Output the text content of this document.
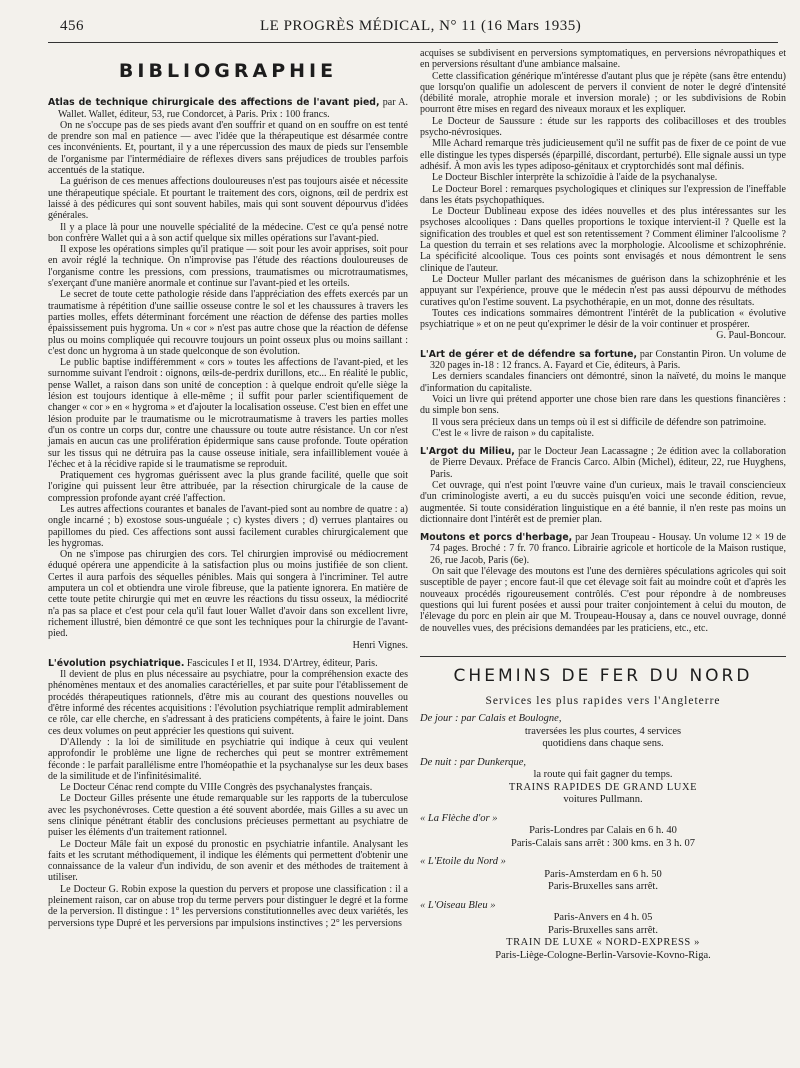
456	LE PROGRÈS MÉDICAL, N° 11 (16 Mars 1935)
BIBLIOGRAPHIE

Atlas de technique chirurgicale des affections de l'avant pied, par A. Wallet. Wallet, éditeur, 53, rue Condorcet, à Paris. Prix : 100 francs.

On ne s'occupe pas de ses pieds avant d'en souffrir et quand on en souffre on est tenté de prendre son mal en patience — avec l'idée que la thérapeutique est désarmée contre ces inconvénients. Et, pourtant, il y a une répercussion des maux de pieds sur l'ensemble de l'organisme par l'intermédiaire de réflexes divers sans préjudices de troubles parfois accentués de la statique.

La guérison de ces menues affections douloureuses n'est pas toujours aisée et nécessite une thérapeutique spéciale. Et pourtant le traitement des cors, oignons, œil de perdrix est laissé à des pédicures qui sont souvent habiles, mais qui sont souvent dépourvus d'idées générales.

Il y a place là pour une nouvelle spécialité de la médecine. C'est ce qu'a pensé notre bon confrère Wallet qui a à son actif quelque six milles opérations sur l'avant-pied.

Il expose les opérations simples qu'il pratique — soit pour les avoir apprises, soit pour en avoir réglé la technique. On n'improvise pas l'étude des réactions douloureuses de l'organisme contre les pressions, com pressions, traumatismes ou microtraumatismes, s'exerçant d'une manière anormale et continue sur l'avant-pied et les orteils.

Le secret de toute cette pathologie réside dans l'appréciation des effets exercés par un traumatisme à répétition d'une saillie osseuse contre le sol et les chaussures à travers les parties molles, effets déterminant forcément une réaction de défense des parties molles épaississement puis hygroma. Un « cor » n'est pas autre chose que la réaction de défense plus ou moins compliquée qui recouvre toujours un point osseux plus ou moins saillant : c'est donc un hygroma à un stade quelconque de son évolution.

Le public baptise indifféremment « cors » toutes les affections de l'avant-pied, et les surnomme suivant l'endroit : oignons, œils-de-perdrix durillons, etc... En réalité le public, pense Wallet, a raison dans son unité de conception : à quelque endroit qu'elle siège la lésion est toujours identique à elle-même ; il suffit pour parler scientifiquement de changer « cor » en « hygroma » et d'ajouter la localisation osseuse. C'est bien en effet une lésion produite par le traumatisme ou le microtraumatisme à travers les parties molles d'un os contre un corps dur, contre une chaussure ou toute autre résistance. Un cor n'est jamais en aucun cas une prolifération épidermique sans cause profonde. Toute opération sur les tissus qui ne détruira pas la cause osseuse initiale, sera infailliblement vouée à l'échec et à la récidive rapide si le traumatisme se reproduit.

Pratiquement ces hygromas guérissent avec la plus grande facilité, quelle que soit l'origine qui puissent leur être attribuée, par la résection chirurgicale de la cause de compression profonde ayant créé l'affection.

Les autres affections courantes et banales de l'avant-pied sont au nombre de quatre : a) ongle incarné ; b) exostose sous-unguéale ; c) kystes divers ; d) verrues plantaires ou papillomes du pied. Ces affections sont aussi facilement curables chirurgicalement que les hygromas.

On ne s'impose pas chirurgien des cors. Tel chirurgien improvisé ou médiocrement éduqué opérera une appendicite à la satisfaction plus ou moins justifiée de son client. Certes il aura parfois des séquelles pénibles. Mais qui songera à l'incriminer. Tel autre amputera un col et obtiendra une virole fibreuse, que la patiente ignorera. En matière de cette toute petite chirurgie qui met en œuvre les réactions du tissu osseux, la médiocrité n'a pas sa place et c'est pour cela qu'il faut louer Wallet d'avoir dans son excellent livre, richement illustré, bien démontré ce que sont les techniques pour la chirurgie de l'avant-pied.

Henri Vignes.

L'évolution psychiatrique. Fascicules I et II, 1934. D'Artrey, éditeur, Paris.

Il devient de plus en plus nécessaire au psychiatre, pour la compréhension exacte des phénomènes mentaux et des anomalies caractérielles, et par suite pour l'établissement de procédés thérapeutiques rationnels, d'être mis au courant des questions nouvelles ou d'être informé des récentes acquisitions : l'évolution psychiatrique remplit admirablement ce rôle, car elle cherche, en s'adressant à des praticiens compétents, à faire le joint. Dans ces deux volumes on peut apprécier les questions qui suivent.

D'Allendy : la loi de similitude en psychiatrie qui indique à ceux qui veulent approfondir le problème une ligne de recherches qui peut se montrer extrêmement féconde : le parfait parallélisme entre l'homéopathie et la psychanalyse sur les deux bases de la similitude et de l'infinitésimalité.

Le Docteur Cénac rend compte du VIIIe Congrès des psychanalystes français.

Le Docteur Gilles présente une étude remarquable sur les rapports de la tuberculose avec les psychonévroses. Cette question a été souvent abordée, mais Gilles a su avec un sens clinique pénétrant établir des conclusions précieuses permettant au psychiatre de puiser les éléments d'un traitement rationnel.

Le Docteur Mâle fait un exposé du pronostic en psychiatrie infantile. Analysant les faits et les scrutant méthodiquement, il indique les éléments qui permettent d'obtenir une connaissance de la valeur d'un individu, de son avenir et des méthodes de traitement à utiliser.

Le Docteur G. Robin expose la question du pervers et propose une classification : il a pleinement raison, car on abuse trop du terme pervers pour distinguer le degré et la forme de la perversion. Il distingue : 1° les perversions constitutionnelles avec deux variétés, les perversions type Dupré et les perversions par impulsions instinctives ; 2° les perversions

acquises se subdivisent en perversions symptomatiques, en perversions névropathiques et en perversions résultant d'une ambiance malsaine.

Cette classification générique m'intéresse d'autant plus que je répète (sans être entendu) que lorsqu'on qualifie un adolescent de pervers il convient de noter le degré d'intensité (débilité morale, atrophie morale et inversion morale) ; or les subdivisions de Robin pourront être mises en regard des niveaux moraux et les expliquer.

Le Docteur de Saussure : étude sur les rapports des colibacilloses et des troubles psycho-névrosiques.

Mlle Achard remarque très judicieusement qu'il ne suffit pas de fixer de ce point de vue elle distingue les types dispersés (éparpillé, discordant, perturbé). Elle signale aussi un type adhésif. À mon avis les types adiposo-génitaux et cryptorchidés sont mal définis.

Le Docteur Bischler interprète la schizoïdie à l'aide de la psychanalyse.

Le Docteur Borel : remarques psychologiques et cliniques sur l'expression de l'ineffable dans les états psychopathiques.

Le Docteur Dublineau expose des idées nouvelles et des plus intéressantes sur les psychoses alcooliques : Dans quelles proportions le toxique intervient-il ? Quelle est la signification des troubles et quel est son retentissement ? Comment éliminer l'alcoolisme ? La question du terrain et ses relations avec la morphologie. Alcoolisme et schizophrénie. La spécificité alcoolique. Tous ces points sont envisagés et nous démontrent le sens clinique de l'auteur.

Le Docteur Muller parlant des mécanismes de guérison dans la schizophrénie et les appuyant sur l'expérience, prouve que le médecin n'est pas aussi dépourvu de méthodes curatives qu'on l'estime souvent. La psychothérapie, en un mot, donne des résultats.

Toutes ces indications sommaires démontrent l'intérêt de la publication « évolutive psychiatrique » et on ne peut qu'exprimer le désir de la voir continuer et prospérer.

G. Paul-Boncour.

L'Art de gérer et de défendre sa fortune, par Constantin Piron. Un volume de 320 pages in-18 : 12 francs. A. Fayard et Cie, éditeurs, à Paris.

Les derniers scandales financiers ont démontré, sinon la naïveté, du moins le manque d'information du capitaliste.

Voici un livre qui prétend apporter une chose bien rare dans les questions financières : du simple bon sens.

Il vous sera précieux dans un temps où il est si difficile de défendre son patrimoine.

C'est le « livre de raison » du capitaliste.

L'Argot du Milieu, par le Docteur Jean Lacassagne ; 2e édition avec la collaboration de Pierre Devaux. Préface de Francis Carco. Albin (Michel), éditeur, 22, rue Huyghens, Paris.

Cet ouvrage, qui n'est point l'œuvre vaine d'un curieux, mais le travail consciencieux d'un criminologiste averti, a eu du succès puisqu'en voici une seconde édition, revue, augmentée. Si toute considération linguistique en a été bannie, il n'en reste pas moins un dictionnaire dont l'intérêt est de premier plan.

Moutons et porcs d'herbage, par Jean Troupeau - Housay. Un volume 12 × 19 de 74 pages. Broché : 7 fr. 70 franco. Librairie agricole et horticole de la Maison rustique, 26, rue Jacob, Paris (6e).

On sait que l'élevage des moutons est l'une des dernières spéculations agricoles qui soit susceptible de payer ; encore faut-il que cet élevage soit fait au moindre coût et d'après les nouveaux procédés rigoureusement contrôlés. C'est pour répondre à de nombreuses questions qui lui furent posées et aussi pour traiter conjointement à celui du mouton, de l'élevage du porc en plein air que M. Troupeau-Housay a, dans ce nouvel ouvrage, donné de nouvelles vues, des précisions demandées par les praticiens, etc., etc.

CHEMINS DE FER DU NORD
Services les plus rapides vers l'Angleterre
De jour : par Calais et Boulogne,
traversées les plus courtes, 4 services
quotidiens dans chaque sens.
De nuit : par Dunkerque,
la route qui fait gagner du temps.
TRAINS RAPIDES DE GRAND LUXE
voitures Pullmann.
« La Flèche d'or »
Paris-Londres par Calais en 6 h. 40
Paris-Calais sans arrêt : 300 kms. en 3 h. 07
« L'Etoile du Nord »
Paris-Amsterdam en 6 h. 50
Paris-Bruxelles sans arrêt.
« L'Oiseau Bleu »
Paris-Anvers en 4 h. 05
Paris-Bruxelles sans arrêt.
TRAIN DE LUXE « NORD-EXPRESS »
Paris-Liège-Cologne-Berlin-Varsovie-Kovno-Riga.
